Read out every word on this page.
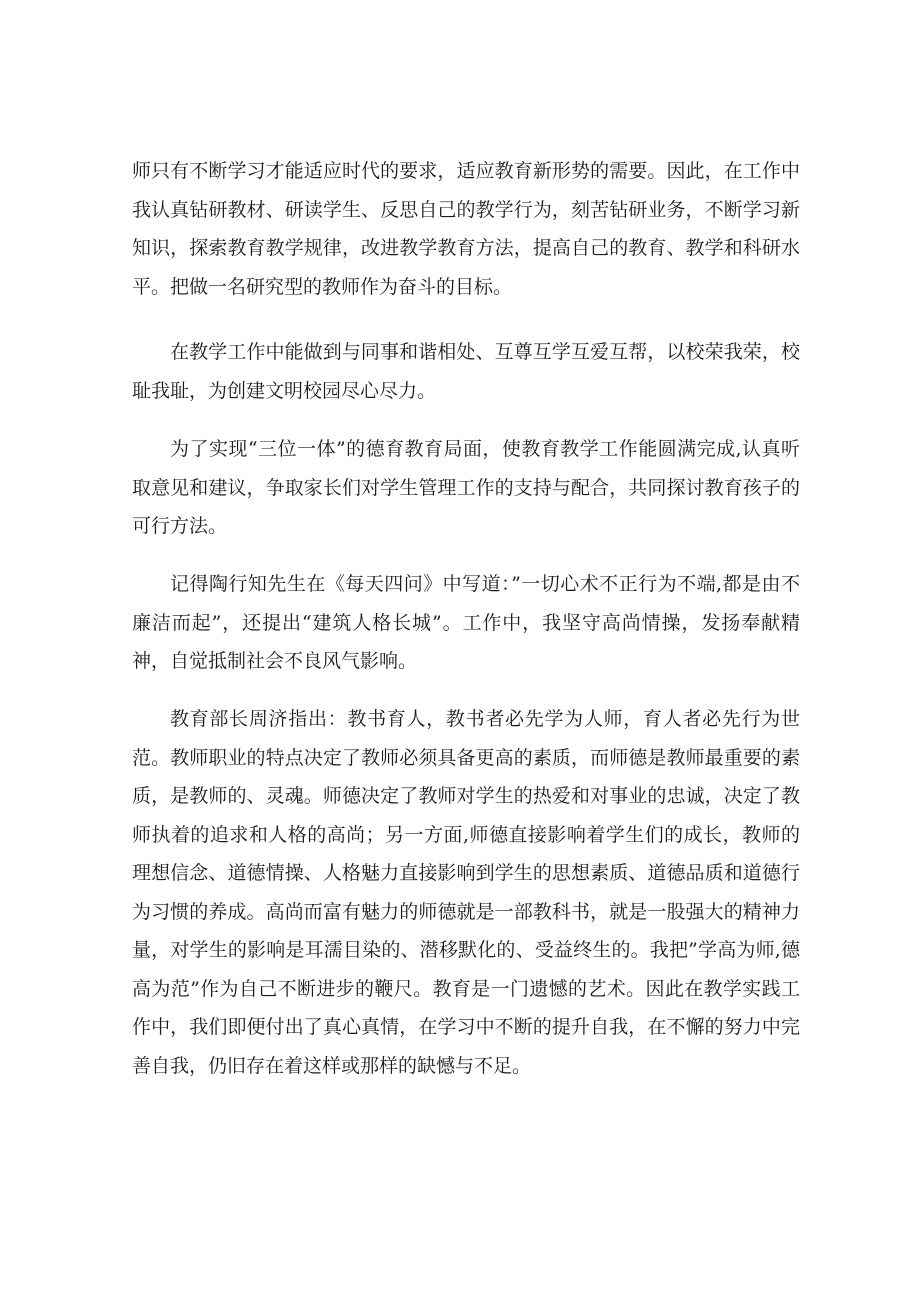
师只有不断学习才能适应时代的要求，适应教育新形势的需要。因此，在工作中我认真钻研教材、研读学生、反思自己的教学行为，刻苦钻研业务，不断学习新知识，探索教育教学规律，改进教学教育方法，提高自己的教育、教学和科研水平。把做一名研究型的教师作为奋斗的目标。

在教学工作中能做到与同事和谐相处、互尊互学互爱互帮，以校荣我荣，校耻我耻，为创建文明校园尽心尽力。

为了实现“三位一体”的德育教育局面，使教育教学工作能圆满完成,认真听取意见和建议，争取家长们对学生管理工作的支持与配合，共同探讨教育孩子的可行方法。

记得陶行知先生在《每天四问》中写道：”一切心术不正行为不端,都是由不廉洁而起”，还提出“建筑人格长城”。工作中，我坚守高尚情操，发扬奉献精神，自觉抵制社会不良风气影响。

教育部长周济指出：教书育人，教书者必先学为人师，育人者必先行为世范。教师职业的特点决定了教师必须具备更高的素质，而师德是教师最重要的素质，是教师的、灵魂。师德决定了教师对学生的热爱和对事业的忠诚，决定了教师执着的追求和人格的高尚；另一方面,师德直接影响着学生们的成长，教师的理想信念、道德情操、人格魅力直接影响到学生的思想素质、道德品质和道德行为习惯的养成。高尚而富有魅力的师德就是一部教科书，就是一股强大的精神力量，对学生的影响是耳濡目染的、潜移默化的、受益终生的。我把”学高为师,德高为范”作为自己不断进步的鞭尺。教育是一门遗憾的艺术。因此在教学实践工作中，我们即便付出了真心真情，在学习中不断的提升自我，在不懈的努力中完善自我，仍旧存在着这样或那样的缺憾与不足。
